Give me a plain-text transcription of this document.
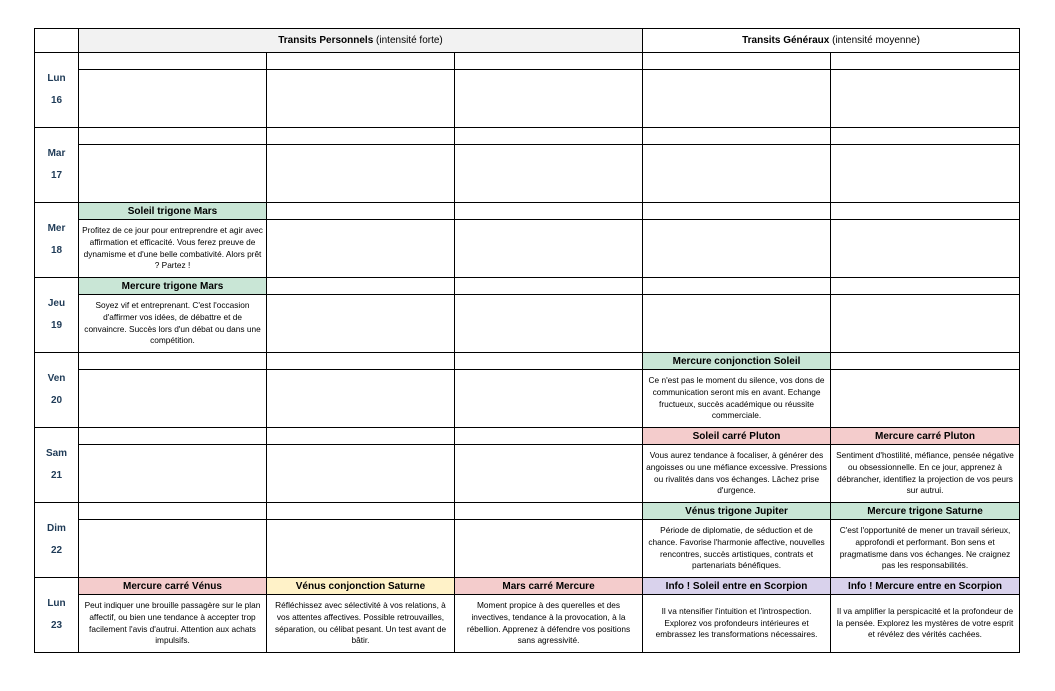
	Transits Personnels (intensité forte)			Transits Généraux (intensité moyenne)	
Lun
16					

Mar
17					

Mer
18	Soleil trigone Mars				

	Profitez de ce jour pour entreprendre et agir avec affirmation et efficacité. Vous ferez preuve de dynamisme et d'une belle combativité. Alors prêt ? Partez !				

Jeu
19	Mercure trigone Mars				

	Soyez vif et entreprenant. C'est l'occasion d'affirmer vos idées, de débattre et de convaincre. Succès lors d'un débat ou dans une compétition.				

Ven
20				Mercure conjonction Soleil	

				Ce n'est pas le moment du silence, vos dons de communication seront mis en avant. Echange fructueux, succès académique ou réussite commerciale.	

Sam
21				Soleil carré Pluton	Mercure carré Pluton

				Vous aurez tendance à focaliser, à générer des angoisses ou une méfiance excessive. Pressions ou rivalités dans vos échanges. Lâchez prise d'urgence.	Sentiment d'hostilité, méfiance, pensée négative ou obsessionnelle. En ce jour, apprenez à débrancher, identifiez la projection de vos peurs sur autrui.

Dim
22				Vénus trigone Jupiter	Mercure trigone Saturne

				Période de diplomatie, de séduction et de chance. Favorise l'harmonie affective, nouvelles rencontres, succès artistiques, contrats et partenariats bénéfiques.	C'est l'opportunité de mener un travail sérieux, approfondi et performant. Bon sens et pragmatisme dans vos échanges. Ne craignez pas les responsabilités.

Lun
23	Mercure carré Vénus	Vénus conjonction Saturne	Mars carré Mercure	Info ! Soleil entre en Scorpion	Info ! Mercure entre en Scorpion

	Peut indiquer une brouille passagère sur le plan affectif, ou bien une tendance à accepter trop facilement l'avis d'autrui. Attention aux achats impulsifs.	Réfléchissez avec sélectivité à vos relations, à vos attentes affectives. Possible retrouvailles, séparation, ou célibat pesant. Un test avant de bâtir.	Moment propice à des querelles et des invectives, tendance à la provocation, à la rébellion. Apprenez à défendre vos positions sans agressivité.	Il va ntensifier l'intuition et l'introspection. Explorez vos profondeurs intérieures et embrassez les transformations nécessaires.	Il va amplifier la perspicacité et la profondeur de la pensée. Explorez les mystères de votre esprit et révélez des vérités cachées.
